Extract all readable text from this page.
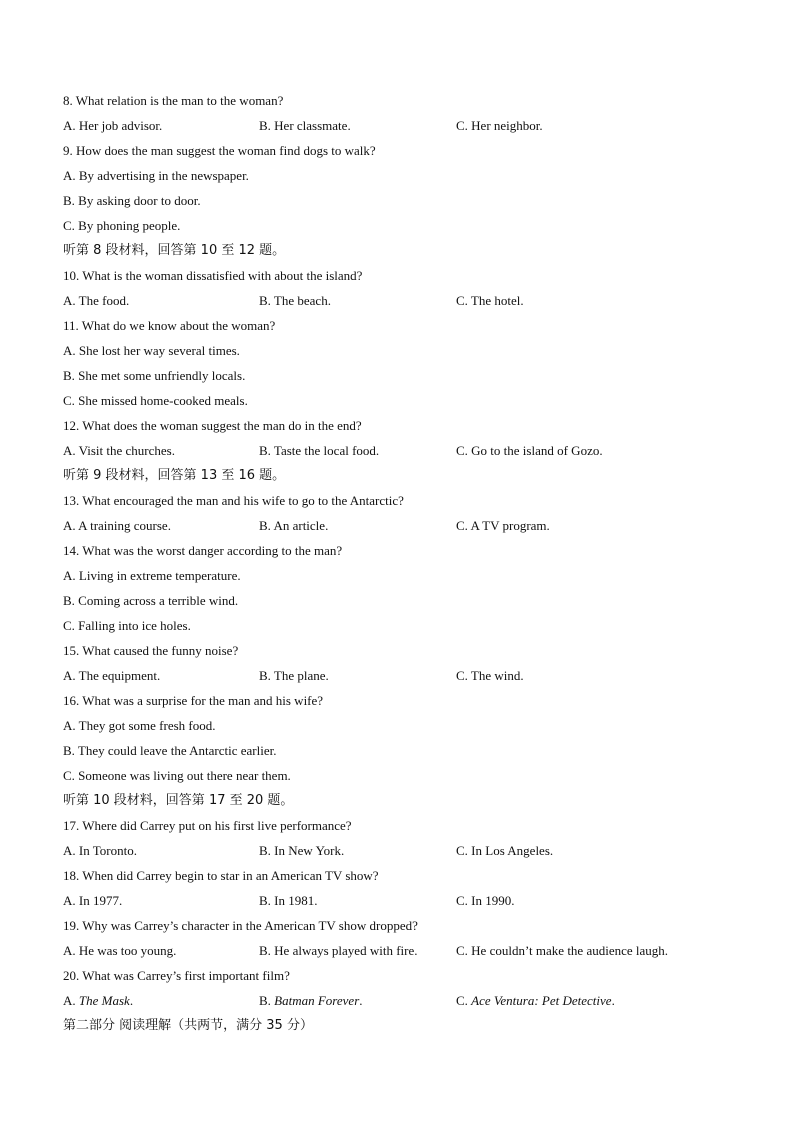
8. What relation is the man to the woman?
A. Her job advisor.	B. Her classmate.	C. Her neighbor.
9. How does the man suggest the woman find dogs to walk?
A. By advertising in the newspaper.
B. By asking door to door.
C. By phoning people.
听第 8 段材料，回答第 10 至 12 题。
10. What is the woman dissatisfied with about the island?
A. The food.	B. The beach.	C. The hotel.
11. What do we know about the woman?
A. She lost her way several times.
B. She met some unfriendly locals.
C. She missed home-cooked meals.
12. What does the woman suggest the man do in the end?
A. Visit the churches.	B. Taste the local food.	C. Go to the island of Gozo.
听第 9 段材料，回答第 13 至 16 题。
13. What encouraged the man and his wife to go to the Antarctic?
A. A training course.	B. An article.	C. A TV program.
14. What was the worst danger according to the man?
A. Living in extreme temperature.
B. Coming across a terrible wind.
C. Falling into ice holes.
15. What caused the funny noise?
A. The equipment.	B. The plane.	C. The wind.
16. What was a surprise for the man and his wife?
A. They got some fresh food.
B. They could leave the Antarctic earlier.
C. Someone was living out there near them.
听第 10 段材料，回答第 17 至 20 题。
17. Where did Carrey put on his first live performance?
A. In Toronto.	B. In New York.	C. In Los Angeles.
18. When did Carrey begin to star in an American TV show?
A. In 1977.	B. In 1981.	C. In 1990.
19. Why was Carrey’s character in the American TV show dropped?
A. He was too young.	B. He always played with fire.	C. He couldn’t make the audience laugh.
20. What was Carrey’s first important film?
A. The Mask.	B. Batman Forever.	C. Ace Ventura: Pet Detective.
第二部分 阅读理解（共两节，满分 35 分）
